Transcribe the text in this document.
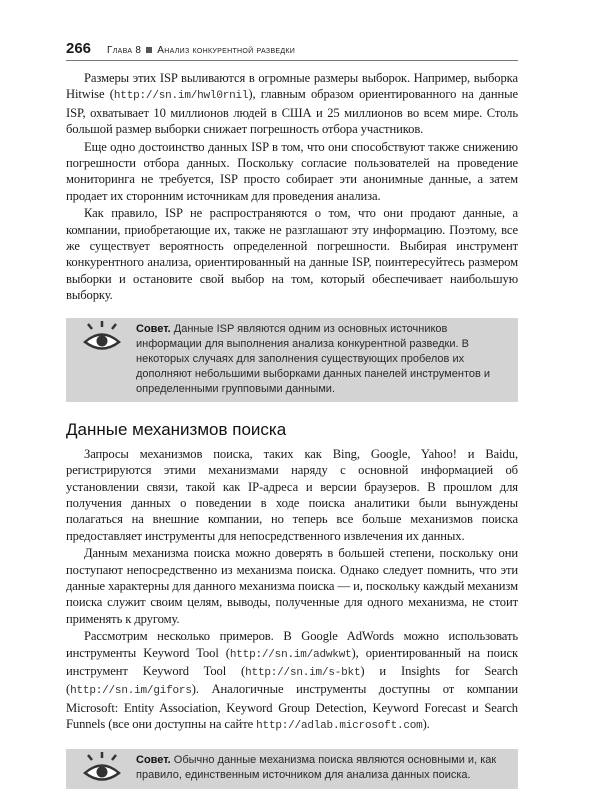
266 Глава 8 Анализ конкурентной разведки

Размеры этих ISP выливаются в огромные размеры выборок. Например, выборка Hitwise (http://sn.im/hwl0rnil), главным образом ориентированного на данные ISP, охватывает 10 миллионов людей в США и 25 миллионов во всем мире. Столь большой размер выборки снижает погрешность отбора участников.

Еще одно достоинство данных ISP в том, что они способствуют также снижению погрешности отбора данных. Поскольку согласие пользователей на проведение мониторинга не требуется, ISP просто собирает эти анонимные данные, а затем продает их сторонним источникам для проведения анализа.

Как правило, ISP не распространяются о том, что они продают данные, а компании, приобретающие их, также не разглашают эту информацию. Поэтому, все же существует вероятность определенной погрешности. Выбирая инструмент конкурентного анализа, ориентированный на данные ISP, поинтересуйтесь размером выборки и остановите свой выбор на том, который обеспечивает наибольшую выборку.

Совет. Данные ISP являются одним из основных источников информации для выполнения анализа конкурентной разведки. В некоторых случаях для заполнения существующих пробелов их дополняют небольшими выборками данных панелей инструментов и определенными групповыми данными.
Данные механизмов поиска

Запросы механизмов поиска, таких как Bing, Google, Yahoo! и Baidu, регистрируются этими механизмами наряду с основной информацией об установлении связи, такой как IP-адреса и версии браузеров. В прошлом для получения данных о поведении в ходе поиска аналитики были вынуждены полагаться на внешние компании, но теперь все больше механизмов поиска предоставляет инструменты для непосредственного извлечения их данных.

Данным механизма поиска можно доверять в большей степени, поскольку они поступают непосредственно из механизма поиска. Однако следует помнить, что эти данные характерны для данного механизма поиска — и, поскольку каждый механизм поиска служит своим целям, выводы, полученные для одного механизма, не стоит применять к другому.

Рассмотрим несколько примеров. В Google AdWords можно использовать инструменты Keyword Tool (http://sn.im/adwkwt), ориентированный на поиск инструмент Keyword Tool (http://sn.im/s-bkt) и Insights for Search (http://sn.im/gifors). Аналогичные инструменты доступны от компании Microsoft: Entity Association, Keyword Group Detection, Keyword Forecast и Search Funnels (все они доступны на сайте http://adlab.microsoft.com).

Совет. Обычно данные механизма поиска являются основными и, как правило, единственным источником для анализа данных поиска.
